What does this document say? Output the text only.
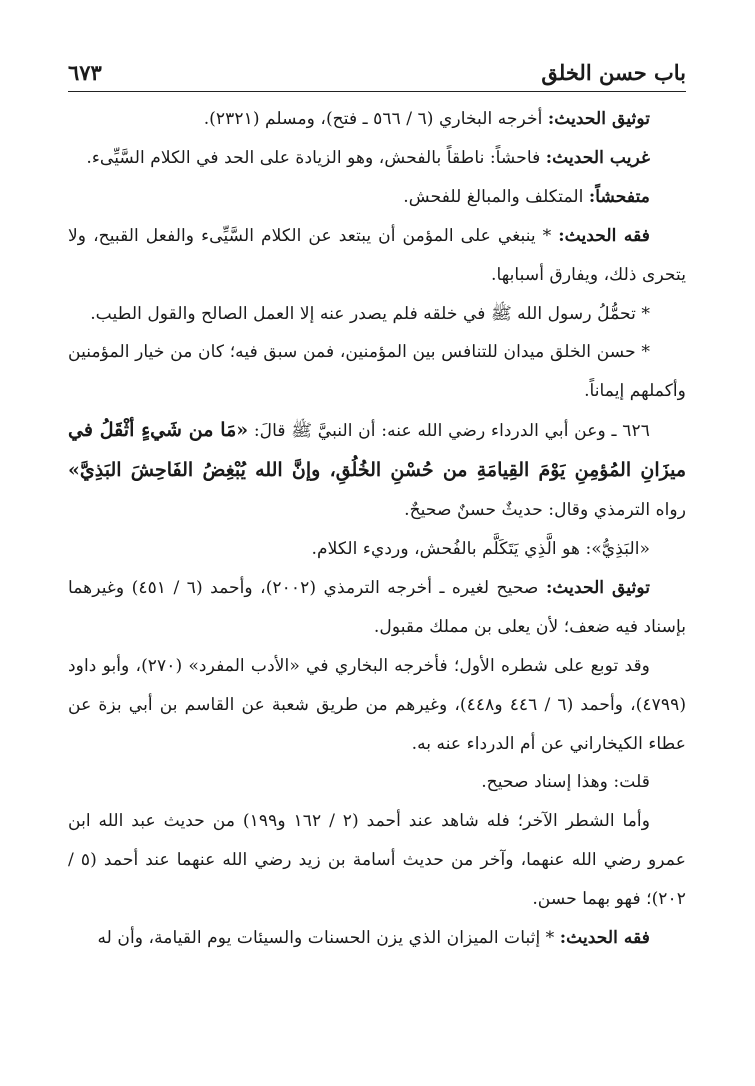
باب حسن الخلق
٦٧٣

توثيق الحديث: أخرجه البخاري (٦ / ٥٦٦ ـ فتح)، ومسلم (٢٣٢١).

غريب الحديث: فاحشاً: ناطقاً بالفحش، وهو الزيادة على الحد في الكلام السَّيِّىء.

متفحشاً: المتكلف والمبالغ للفحش.

فقه الحديث: * ينبغي على المؤمن أن يبتعد عن الكلام السَّيِّىء والفعل القبيح، ولا يتحرى ذلك، ويفارق أسبابها.

* تحمُّلُ رسول الله ﷺ في خلقه فلم يصدر عنه إلا العمل الصالح والقول الطيب.

* حسن الخلق ميدان للتنافس بين المؤمنين، فمن سبق فيه؛ كان من خيار المؤمنين وأكملهم إيماناً.

٦٢٦ ـ وعن أبي الدرداء رضي الله عنه: أن النبيَّ ﷺ قالَ: «مَا من شَيءٍ أثْقَلُ في ميزَانِ المُؤمِنِ يَوْمَ القِيامَةِ من حُسْنِ الخُلُقِ، وإنَّ الله يُبْغِضُ الفَاحِشَ البَذِيَّ» رواه الترمذي وقال: حديثٌ حسنٌ صحيحٌ.

«البَذِيُّ»: هو الَّذِي يَتَكَلَّم بالفُحش، ورديء الكلام.

توثيق الحديث: صحيح لغيره ـ أخرجه الترمذي (٢٠٠٢)، وأحمد (٦ / ٤٥١) وغيرهما بإسناد فيه ضعف؛ لأن يعلى بن مملك مقبول.

وقد توبع على شطره الأول؛ فأخرجه البخاري في «الأدب المفرد» (٢٧٠)، وأبو داود (٤٧٩٩)، وأحمد (٦ / ٤٤٦ و٤٤٨)، وغيرهم من طريق شعبة عن القاسم بن أبي بزة عن عطاء الكيخاراني عن أم الدرداء عنه به.

قلت: وهذا إسناد صحيح.

وأما الشطر الآخر؛ فله شاهد عند أحمد (٢ / ١٦٢ و١٩٩) من حديث عبد الله ابن عمرو رضي الله عنهما، وآخر من حديث أسامة بن زيد رضي الله عنهما عند أحمد (٥ / ٢٠٢)؛ فهو بهما حسن.

فقه الحديث: * إثبات الميزان الذي يزن الحسنات والسيئات يوم القيامة، وأن له
